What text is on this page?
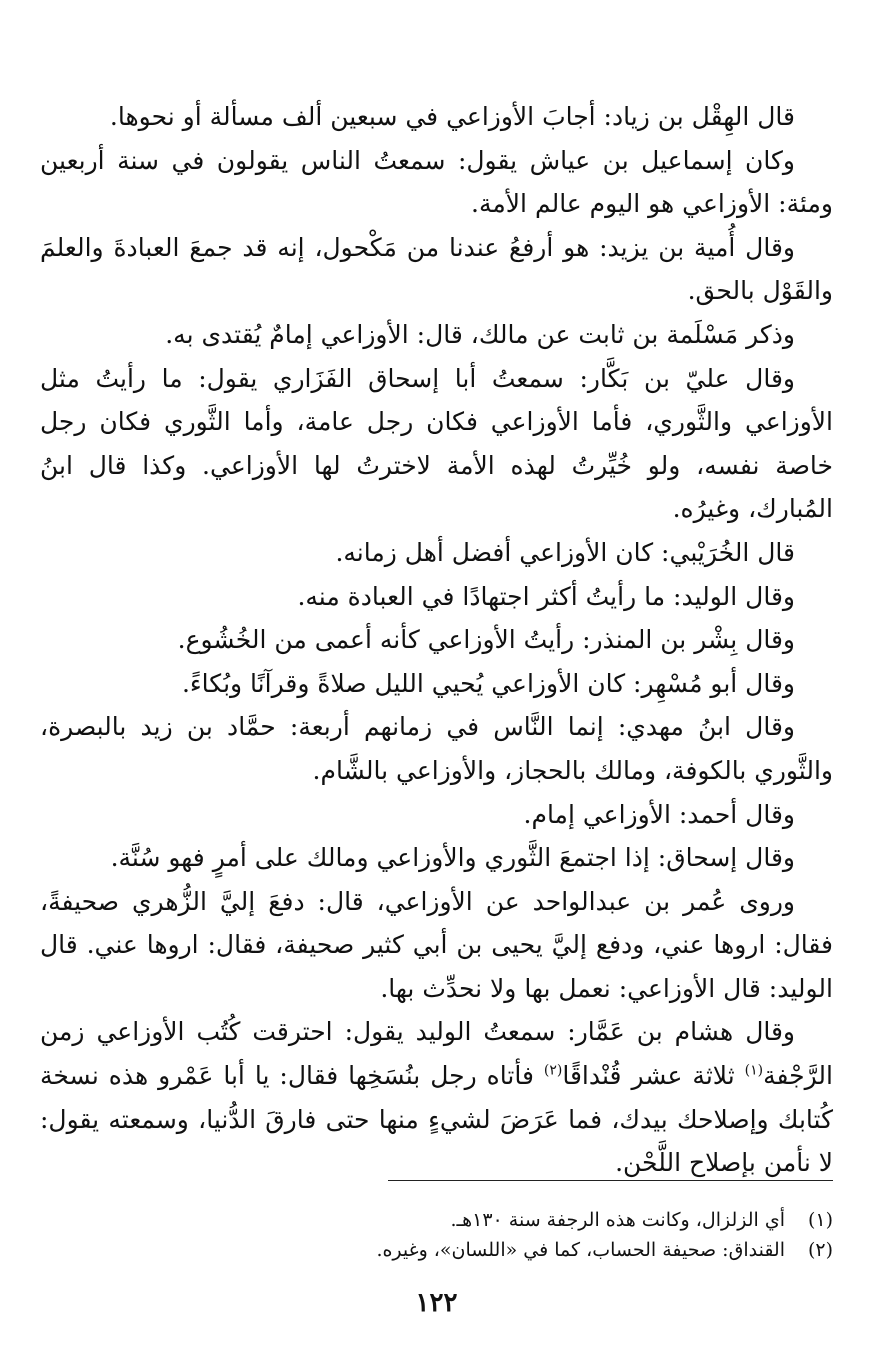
قال الهِقْل بن زياد: أجابَ الأوزاعي في سبعين ألف مسألة أو نحوها.

وكان إسماعيل بن عياش يقول: سمعتُ الناس يقولون في سنة أربعين ومئة: الأوزاعي هو اليوم عالم الأمة.

وقال أُمية بن يزيد: هو أرفعُ عندنا من مَكْحول، إنه قد جمعَ العبادةَ والعلمَ والقَوْل بالحق.

وذكر مَسْلَمة بن ثابت عن مالك، قال: الأوزاعي إمامٌ يُقتدى به.

وقال عليّ بن بَكَّار: سمعتُ أبا إسحاق الفَزَاري يقول: ما رأيتُ مثل الأوزاعي والثَّوري، فأما الأوزاعي فكان رجل عامة، وأما الثَّوري فكان رجل خاصة نفسه، ولو خُيِّرتُ لهذه الأمة لاخترتُ لها الأوزاعي. وكذا قال ابنُ المُبارك، وغيرُه.

قال الخُرَيْبي: كان الأوزاعي أفضل أهل زمانه.

وقال الوليد: ما رأيتُ أكثر اجتهادًا في العبادة منه.

وقال بِشْر بن المنذر: رأيتُ الأوزاعي كأنه أعمى من الخُشُوع.

وقال أبو مُسْهِر: كان الأوزاعي يُحيي الليل صلاةً وقرآنًا وبُكاءً.

وقال ابنُ مهدي: إنما النَّاس في زمانهم أربعة: حمَّاد بن زيد بالبصرة، والثَّوري بالكوفة، ومالك بالحجاز، والأوزاعي بالشَّام.

وقال أحمد: الأوزاعي إمام.

وقال إسحاق: إذا اجتمعَ الثَّوري والأوزاعي ومالك على أمرٍ فهو سُنَّة.

وروى عُمر بن عبدالواحد عن الأوزاعي، قال: دفعَ إليَّ الزُّهري صحيفةً، فقال: اروها عني، ودفع إليَّ يحيى بن أبي كثير صحيفة، فقال: اروها عني. قال الوليد: قال الأوزاعي: نعمل بها ولا نحدِّث بها.

وقال هشام بن عَمَّار: سمعتُ الوليد يقول: احترقت كُتُب الأوزاعي زمن الرَّجْفة$^{(١)}$ ثلاثة عشر قُنْداقًا$^{(٢)}$ فأتاه رجل بنُسَخِها فقال: يا أبا عَمْرو هذه نسخة كُتابك وإصلاحك بيدك، فما عَرَضَ لشيءٍ منها حتى فارقَ الدُّنيا، وسمعته يقول: لا نأمن بإصلاح اللَّحْن.

(١)أي الزلزال، وكانت هذه الرجفة سنة ١٣٠هـ.
(٢)القنداق: صحيفة الحساب، كما في «اللسان»، وغيره.
١٢٢
